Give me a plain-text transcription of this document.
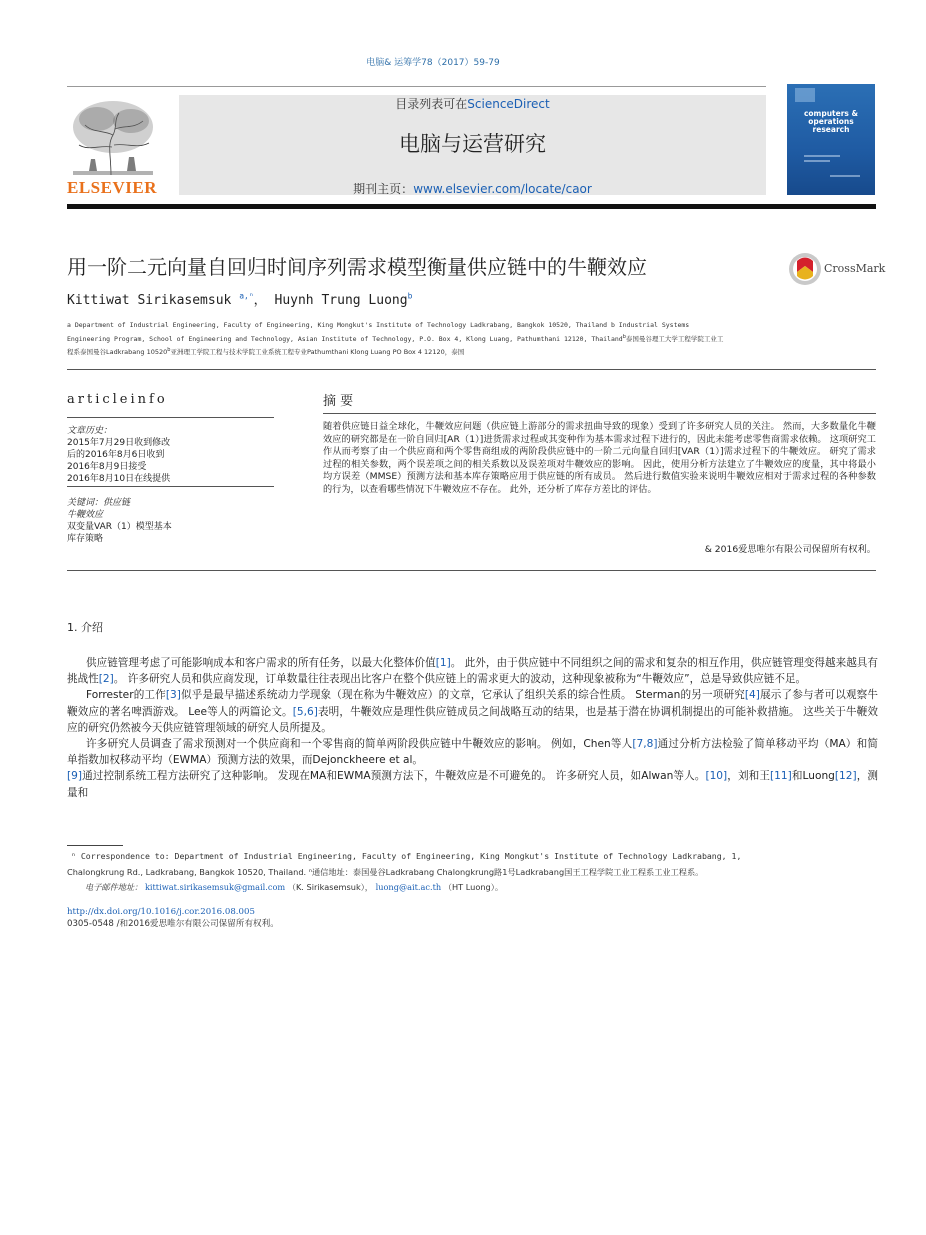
电脑& 运筹学78（2017）59-79
ELSEVIER
目录列表可在ScienceDirect
电脑与运营研究
期刊主页：www.elsevier.com/locate/caor
computers & operations research
用一阶二元向量自回归时间序列需求模型衡量供应链中的牛鞭效应	CrossMark
Kittiwat Sirikasemsuk $^{a,^n}$， Huynh Trung Luong$^b$
a Department of Industrial Engineering, Faculty of Engineering, King Mongkut's Institute of Technology Ladkrabang, Bangkok 10520, Thailand b Industrial Systems
Engineering Program, School of Engineering and Technology, Asian Institute of Technology, P.O. Box 4, Klong Luang, Pathumthani 12120, Thailand$^b$泰国曼谷理工大学工程学院工业工
程系泰国曼谷Ladkrabang 10520$^b$亚洲理工学院工程与技术学院工业系统工程专业Pathumthani Klong Luang PO Box 4 12120，泰国
articleinfo
文章历史：
2015年7月29日收到修改
后的2016年8月6日收到
2016年8月9日接受
2016年8月10日在线提供
关键词：供应链
牛鞭效应
双变量VAR（1）模型基本
库存策略
摘 要
随着供应链日益全球化，牛鞭效应问题（供应链上游部分的需求扭曲导致的现象）受到了许多研究人员的关注。 然而，大多数量化牛鞭效应的研究都是在一阶自回归[AR（1）]进货需求过程或其变种作为基本需求过程下进行的，因此未能考虑零售商需求依赖。 这项研究工作从而考察了由一个供应商和两个零售商组成的两阶段供应链中的一阶二元向量自回归[VAR（1）]需求过程下的牛鞭效应。 研究了需求过程的相关参数，两个误差项之间的相关系数以及误差项对牛鞭效应的影响。 因此，使用分析方法建立了牛鞭效应的度量，其中将最小均方误差（MMSE）预测方法和基本库存策略应用于供应链的所有成员。 然后进行数值实验来说明牛鞭效应相对于需求过程的各种参数的行为，以查看哪些情况下牛鞭效应不存在。 此外，还分析了库存方差比的评估。
& 2016爱思唯尔有限公司保留所有权利。
1. 介绍

供应链管理考虑了可能影响成本和客户需求的所有任务，以最大化整体价值[1]。 此外，由于供应链中不同组织之间的需求和复杂的相互作用，供应链管理变得越来越具有挑战性[2]。 许多研究人员和供应商发现，订单数量往往表现出比客户在整个供应链上的需求更大的波动，这种现象被称为“牛鞭效应”，总是导致供应链不足。

Forrester的工作[3]似乎是最早描述系统动力学现象（现在称为牛鞭效应）的文章，它承认了组织关系的综合性质。 Sterman的另一项研究[4]展示了参与者可以观察牛鞭效应的著名啤酒游戏。 Lee等人的两篇论文。[5,6]表明，牛鞭效应是理性供应链成员之间战略互动的结果，也是基于潜在协调机制提出的可能补救措施。 这些关于牛鞭效应的研究仍然被今天供应链管理领域的研究人员所提及。

许多研究人员调查了需求预测对一个供应商和一个零售商的简单两阶段供应链中牛鞭效应的影响。 例如，Chen等人[7,8]通过分析方法检验了简单移动平均（MA）和简单指数加权移动平均（EWMA）预测方法的效果，而Dejonckheere et al。

[9]通过控制系统工程方法研究了这种影响。 发现在MA和EWMA预测方法下，牛鞭效应是不可避免的。 许多研究人员，如Alwan等人。[10]，刘和王[11]和Luong[12]，测量和

ⁿ Correspondence to: Department of Industrial Engineering, Faculty of Engineering, King Mongkut's Institute of Technology Ladkrabang, 1,
Chalongkrung Rd., Ladkrabang, Bangkok 10520, Thailand. ⁿ通信地址：泰国曼谷Ladkrabang Chalongkrung路1号Ladkrabang国王工程学院工业工程系工业工程系。
电子邮件地址： kittiwat.sirikasemsuk@gmail.com （K. Sirikasemsuk）， luong@ait.ac.th （HT Luong）。
http://dx.doi.org/10.1016/j.cor.2016.08.005
0305-0548 /和2016爱思唯尔有限公司保留所有权利。
